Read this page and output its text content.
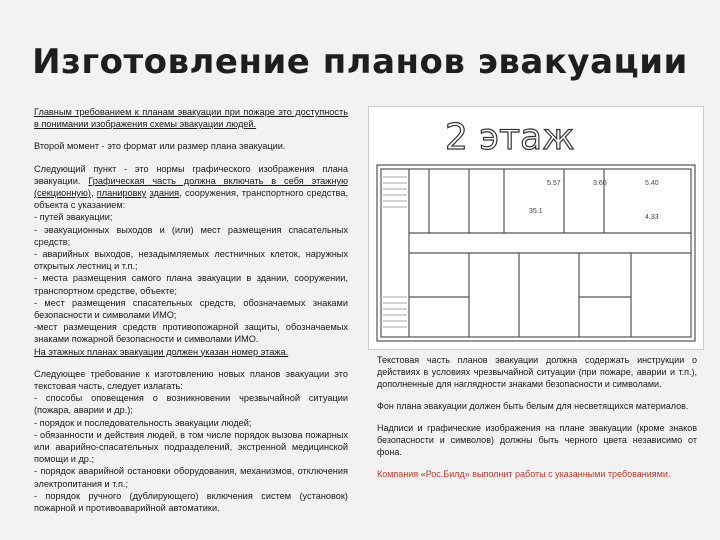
Изготовление планов эвакуации

Главным требованием к планам эвакуации при пожаре это доступность в понимании изображения схемы эвакуации людей.

Второй момент - это формат или размер плана эвакуации.

Следующий пункт - это нормы графического изображения плана эвакуации. Графическая часть должна включать в себя этажную (секционную), планировку здания, сооружения, транспортного средства, объекта с указанием:
- путей эвакуации;
- эвакуационных выходов и (или) мест размещения спасательных средств;
- аварийных выходов, незадымляемых лестничных клеток, наружных открытых лестниц и т.п.;
- места размещения самого плана эвакуации в здании, сооружении, транспортном средстве, объекте;
- мест размещения спасательных средств, обозначаемых знаками безопасности и символами ИМО;
-мест размещения средств противопожарной защиты, обозначаемых знаками пожарной безопасности и символами ИМО.
На этажных планах эвакуации должен указан номер этажа.
Следующее требование к изготовлению новых планов эвакуации это текстовая часть, следует излагать:
- способы оповещения о возникновении чрезвычайной ситуации (пожара, аварии и др.);
- порядок и последовательность эвакуации людей;
- обязанности и действия людей, в том числе порядок вызова пожарных или аварийно-спасательных подразделений, экстренной медицинской помощи и др.;
- порядок аварийной остановки оборудования, механизмов, отключения электропитания и т.п.;
- порядок ручного (дублирующего) включения систем (установок) пожарной и противоаварийной автоматики.
2 этаж
5.57	3.60	5.40
35.1
4.33

Текстовая часть планов эвакуации должна содержать инструкции о действиях в условиях чрезвычайной ситуации (при пожаре, аварии и т.п.), дополненные для наглядности знаками безопасности и символами.

Фон плана эвакуации должен быть белым для несветящихся материалов.

Надписи и графические изображения на плане эвакуации (кроме знаков безопасности и символов) должны быть черного цвета независимо от фона.

Компания «Рос.Билд» выполнит работы с указанными требованиями.
